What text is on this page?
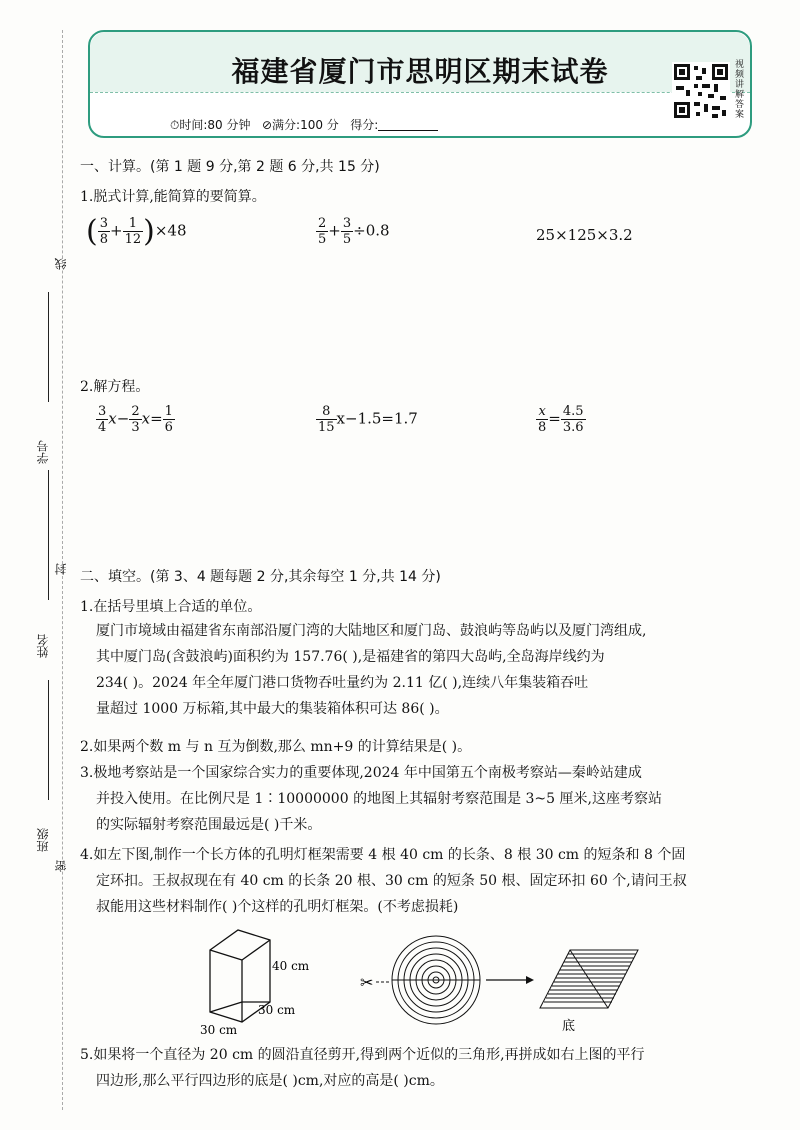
线
学号
封
姓名
班级
密
福建省厦门市思明区期末试卷
⏱时间:80 分钟 ⊘满分:100 分 得分:
视频讲解答案
一、计算。(第 1 题 9 分,第 2 题 6 分,共 15 分)
1.脱式计算,能简算的要简算。
( $\frac{3}{8} + \frac{1}{12} )\times 48$	$\frac{2}{5} + \frac{3}{5} \div 0.8$	25×125×3.2
2.解方程。
$\frac{3}{4} x- \frac{2}{3} x= \frac{1}{6}$	$\frac{8}{15} x-1.5=1.7$	$\frac{x}{8} = \frac{4.5}{3.6}$
二、填空。(第 3、4 题每题 2 分,其余每空 1 分,共 14 分)
1.在括号里填上合适的单位。
厦门市境域由福建省东南部沿厦门湾的大陆地区和厦门岛、鼓浪屿等岛屿以及厦门湾组成,
其中厦门岛(含鼓浪屿)面积约为 157.76( ),是福建省的第四大岛屿,全岛海岸线约为
234( )。2024 年全年厦门港口货物吞吐量约为 2.11 亿( ),连续八年集装箱吞吐
量超过 1000 万标箱,其中最大的集装箱体积可达 86( )。
2.如果两个数 m 与 n 互为倒数,那么 mn+9 的计算结果是( )。
3.极地考察站是一个国家综合实力的重要体现,2024 年中国第五个南极考察站—秦岭站建成
并投入使用。在比例尺是 1∶10000000 的地图上其辐射考察范围是 3~5 厘米,这座考察站
的实际辐射考察范围最远是( )千米。
4.如左下图,制作一个长方体的孔明灯框架需要 4 根 40 cm 的长条、8 根 30 cm 的短条和 8 个固
定环扣。王叔叔现在有 40 cm 的长条 20 根、30 cm 的短条 50 根、固定环扣 60 个,请问王叔
叔能用这些材料制作( )个这样的孔明灯框架。(不考虑损耗)
40 cm
30 cm
30 cm
✂
底
5.如果将一个直径为 20 cm 的圆沿直径剪开,得到两个近似的三角形,再拼成如右上图的平行
四边形,那么平行四边形的底是( )cm,对应的高是( )cm。
